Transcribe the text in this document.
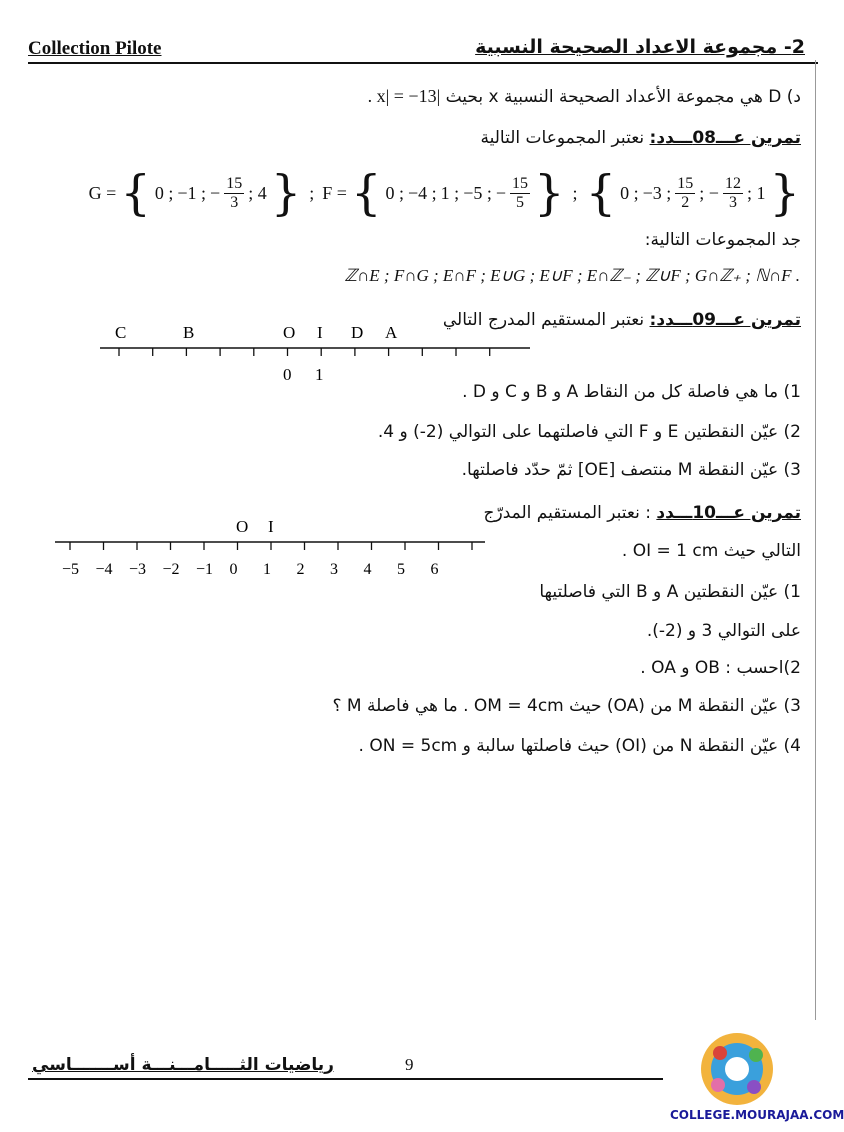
Collection Pilote	2- مجموعة الاعداد الصحيحة النسبية
د) D هي مجموعة الأعداد الصحيحة النسبية x بحيث |x| = −13 .
تمرين عـــ08ـــدد: نعتبر المجموعات التالية
G = { 0 ; −1 ; − $\frac{15}{3}$ ; 4 } ; F = { 0 ; −4 ; 1 ; −5 ; − $\frac{15}{5}$ } ; { 0 ; −3 ; $\frac{15}{2}$ ; − $\frac{12}{3}$ ; 1 }
جد المجموعات التالية:
ℤ∩E ; F∩G ; E∩F ; E∪G ; E∪F ; E∩ℤ₋ ; ℤ∪F ; G∩ℤ₊ ; ℕ∩F .
تمرين عـــ09ـــدد: نعتبر المستقيم المدرج التالي
C	B	O I D A
0 1
1) ما هي فاصلة كل من النقاط A و B و C و D .
2) عيّن النقطتين E و F التي فاصلتهما على التوالي (2-) و 4.
3) عيّن النقطة M منتصف [OE] ثمّ حدّد فاصلتها.
تمرين عـــ10ـــدد : نعتبر المستقيم المدرّج
O I
−5 −4 −3 −2 −1 0 1 2 3 4 5 6
التالي حيث OI = 1 cm .
1) عيّن النقطتين A و B التي فاصلتيها
على التوالي 3 و (2-).
2)احسب : OB و OA .
3) عيّن النقطة M من (OA) حيث OM = 4cm . ما هي فاصلة M ؟
4) عيّن النقطة N من (OI) حيث فاصلتها سالبة و ON = 5cm .
رياضيات الثـــــامـــنـــة أســـــــاسي	9
COLLEGE.MOURAJAA.COM
